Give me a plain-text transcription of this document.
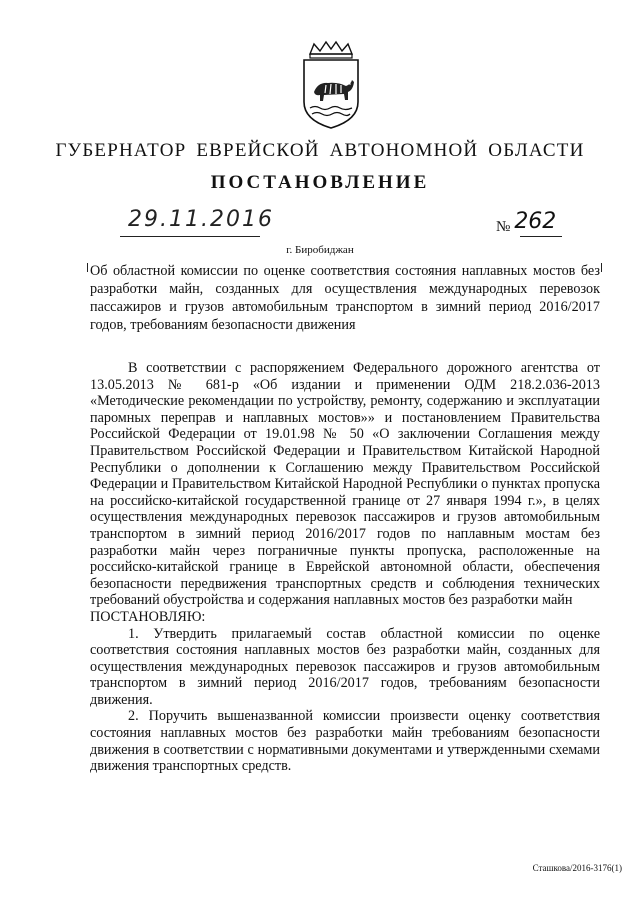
ГУБЕРНАТОР ЕВРЕЙСКОЙ АВТОНОМНОЙ ОБЛАСТИ
ПОСТАНОВЛЕНИЕ
29.11.2016	№ 262
г. Биробиджан
Об областной комиссии по оценке соответствия состояния наплавных мостов без разработки майн, созданных для осуществления международных перевозок пассажиров и грузов автомобильным транспортом в зимний период 2016/2017 годов, требованиям безопасности движения

В соответствии с распоряжением Федерального дорожного агентства от 13.05.2013 № 681-р «Об издании и применении ОДМ 218.2.036-2013 «Методические рекомендации по устройству, ремонту, содержанию и эксплуатации паромных переправ и наплавных мостов»» и постановлением Правительства Российской Федерации от 19.01.98 № 50 «О заключении Соглашения между Правительством Российской Федерации и Правительством Китайской Народной Республики о дополнении к Соглашению между Правительством Российской Федерации и Правительством Китайской Народной Республики о пунктах пропуска на российско-китайской государственной границе от 27 января 1994 г.», в целях осуществления международных перевозок пассажиров и грузов автомобильным транспортом в зимний период 2016/2017 годов по наплавным мостам без разработки майн через пограничные пункты пропуска, расположенные на российско-китайской границе в Еврейской автономной области, обеспечения безопасности передвижения транспортных средств и соблюдения технических требований обустройства и содержания наплавных мостов без разработки майн

ПОСТАНОВЛЯЮ:

1. Утвердить прилагаемый состав областной комиссии по оценке соответствия состояния наплавных мостов без разработки майн, созданных для осуществления международных перевозок пассажиров и грузов автомобильным транспортом в зимний период 2016/2017 годов, требованиям безопасности движения.

2. Поручить вышеназванной комиссии произвести оценку соответствия состояния наплавных мостов без разработки майн требованиям безопасности движения в соответствии с нормативными документами и утвержденными схемами движения транспортных средств.

Сташкова/2016-3176(1)
